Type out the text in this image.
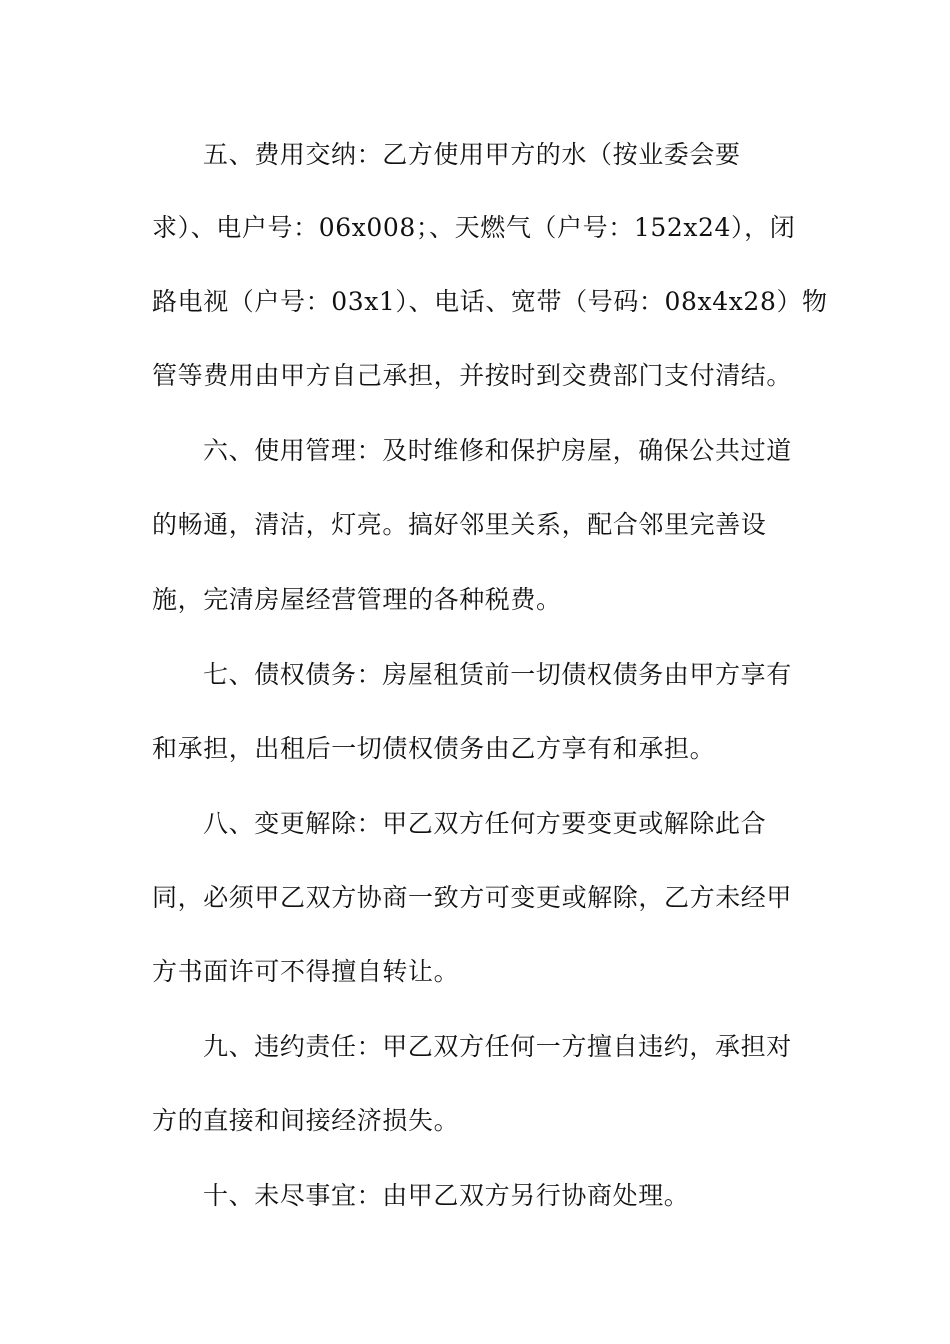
五、费用交纳：乙方使用甲方的水（按业委会要
求）、电户号：06x008；、天燃气（户号：152x24），闭
路电视（户号：03x1）、电话、宽带（号码：08x4x28）物
管等费用由甲方自己承担，并按时到交费部门支付清结。
六、使用管理：及时维修和保护房屋，确保公共过道
的畅通，清洁，灯亮。搞好邻里关系，配合邻里完善设
施，完清房屋经营管理的各种税费。
七、债权债务：房屋租赁前一切债权债务由甲方享有
和承担，出租后一切债权债务由乙方享有和承担。
八、变更解除：甲乙双方任何方要变更或解除此合
同，必须甲乙双方协商一致方可变更或解除，乙方未经甲
方书面许可不得擅自转让。
九、违约责任：甲乙双方任何一方擅自违约，承担对
方的直接和间接经济损失。
十、未尽事宜：由甲乙双方另行协商处理。
